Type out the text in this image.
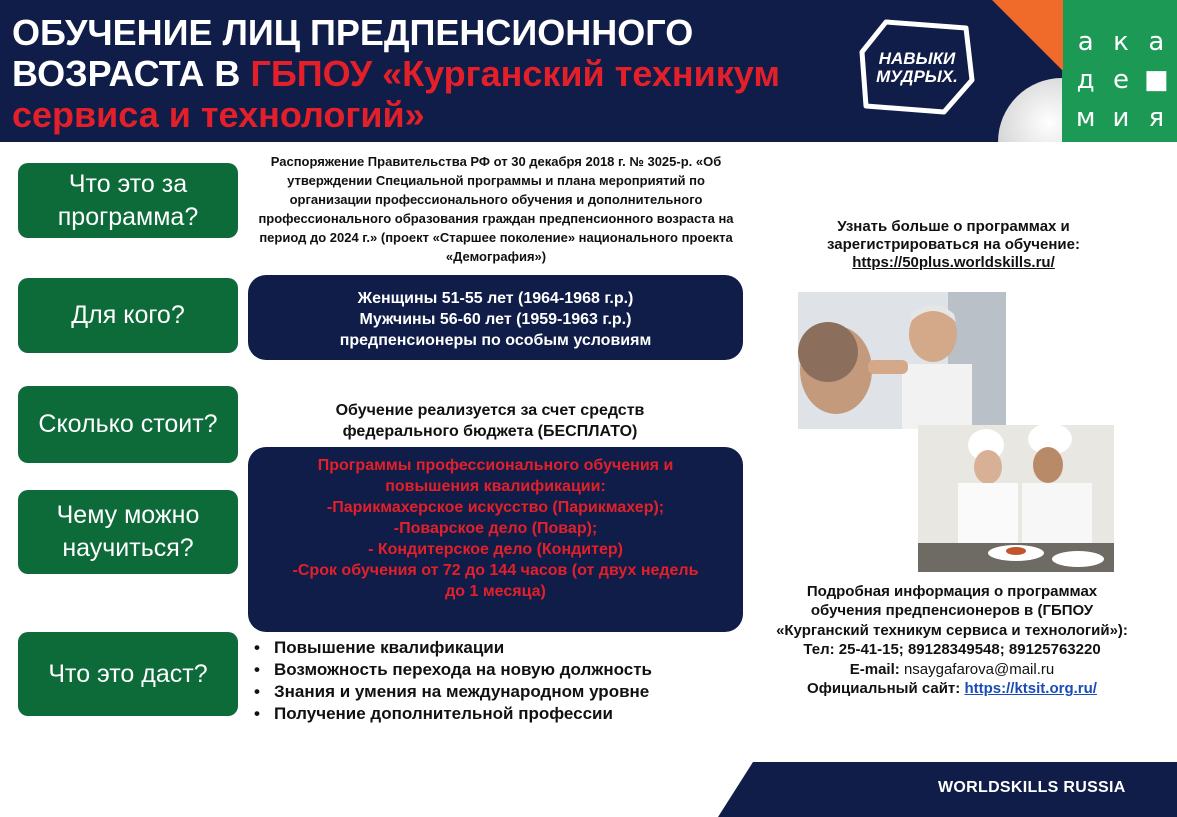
ОБУЧЕНИЕ ЛИЦ ПРЕДПЕНСИОННОГО ВОЗРАСТА В ГБПОУ «Курганский техникум сервиса и технологий»
НАВЫКИ МУДРЫХ.
а к а
д е ■
м и я
Что это за программа?
Для кого?
Сколько стоит?
Чему можно научиться?
Что это даст?
Распоряжение Правительства РФ от 30 декабря 2018 г. № 3025-р. «Об утверждении Специальной программы и плана мероприятий по организации профессионального обучения и дополнительного профессионального образования граждан предпенсионного возраста на период до 2024 г.» (проект «Старшее поколение» национального проекта «Демография»)
Женщины 51-55 лет (1964-1968 г.р.)
Мужчины 56-60 лет (1959-1963 г.р.)
предпенсионеры по особым условиям
Обучение реализуется за счет средств федерального бюджета (БЕСПЛАТО)
Программы профессионального обучения и повышения квалификации:
-Парикмахерское искусство (Парикмахер);
-Поварское дело (Повар);
- Кондитерское дело (Кондитер)
-Срок обучения от 72 до 144 часов (от двух недель до 1 месяца)
• Повышение квалификации
• Возможность перехода на новую должность
• Знания и умения на международном уровне
• Получение дополнительной профессии
Узнать больше о программах и зарегистрироваться на обучение:
https://50plus.worldskills.ru/
Подробная информация о программах обучения предпенсионеров в (ГБПОУ «Курганский техникум сервиса и технологий»):
Тел: 25-41-15; 89128349548; 89125763220
E-mail: nsaygafarova@mail.ru
Официальный сайт: https://ktsit.org.ru/
WORLDSKILLS RUSSIA
